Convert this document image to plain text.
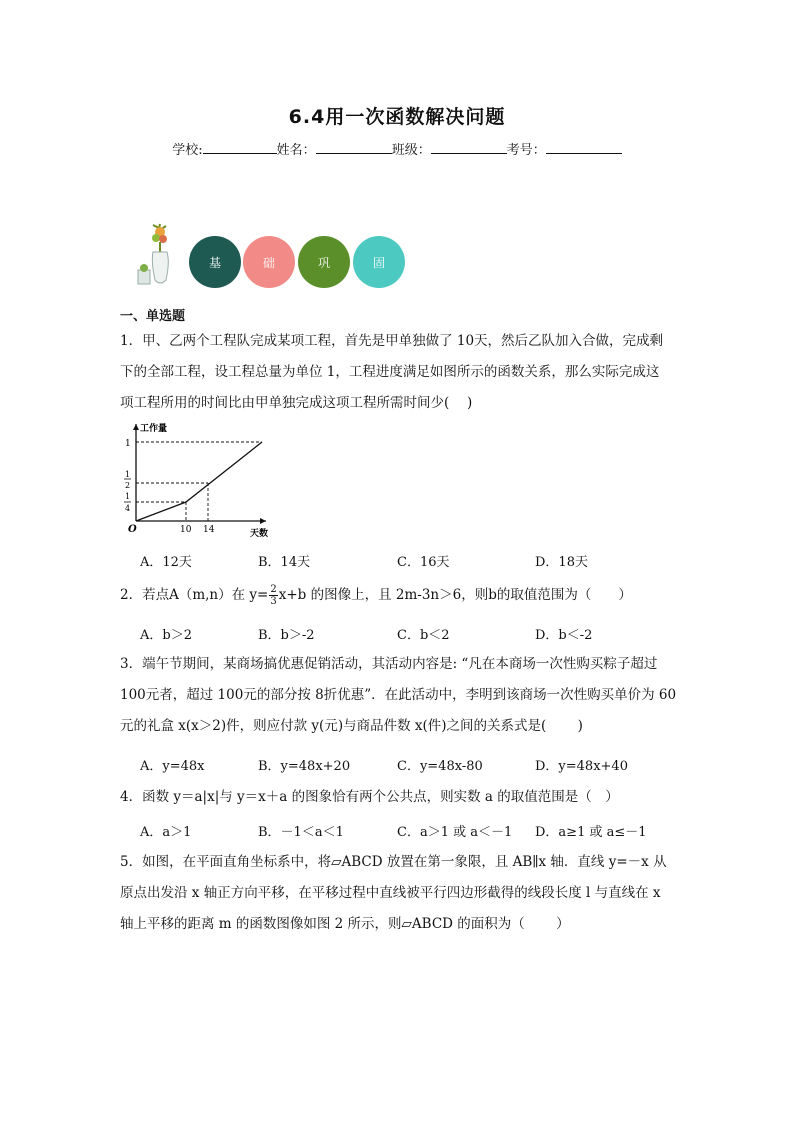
6.4用一次函数解决问题
学校:	姓名：	班级：	考号：
基	础	巩	固
一、单选题
1．甲、乙两个工程队完成某项工程，首先是甲单独做了 10天，然后乙队加入合做，完成剩
下的全部工程，设工程总量为单位 1，工程进度满足如图所示的函数关系，那么实际完成这
项工程所用的时间比由甲单独完成这项工程所需时间少(　 )
工作量
天数
O
1
1
2
1
4
10 14
A．12天	B．14天	C．16天	D．18天
2．若点A（m,n）在 $y= \frac{2}{3} x+b$ 的图像上，且 2m-3n＞6，则b的取值范围为（　　）
A．b＞2	B．b＞-2	C．b＜2	D．b＜-2
3．端午节期间，某商场搞优惠促销活动，其活动内容是: “凡在本商场一次性购买粽子超过
100元者，超过 100元的部分按 8折优惠”．在此活动中，李明到该商场一次性购买单价为 60
元的礼盒 x(x＞2)件，则应付款 y(元)与商品件数 x(件)之间的关系式是(　　 )
A．y=48x	B．y=48x+20	C．y=48x-80	D．y=48x+40
4．函数 y＝a|x|与 y＝x＋a 的图象恰有两个公共点，则实数 a 的取值范围是（　）
A．a＞1	B．－1＜a＜1	C．a＞1 或 a＜－1 D．a≥1 或 a≤－1
5．如图，在平面直角坐标系中，将▱ABCD 放置在第一象限，且 AB∥x 轴．直线 y=－x 从
原点出发沿 x 轴正方向平移，在平移过程中直线被平行四边形截得的线段长度 l 与直线在 x
轴上平移的距离 m 的函数图像如图 2 所示，则▱ABCD 的面积为（　　 ）
